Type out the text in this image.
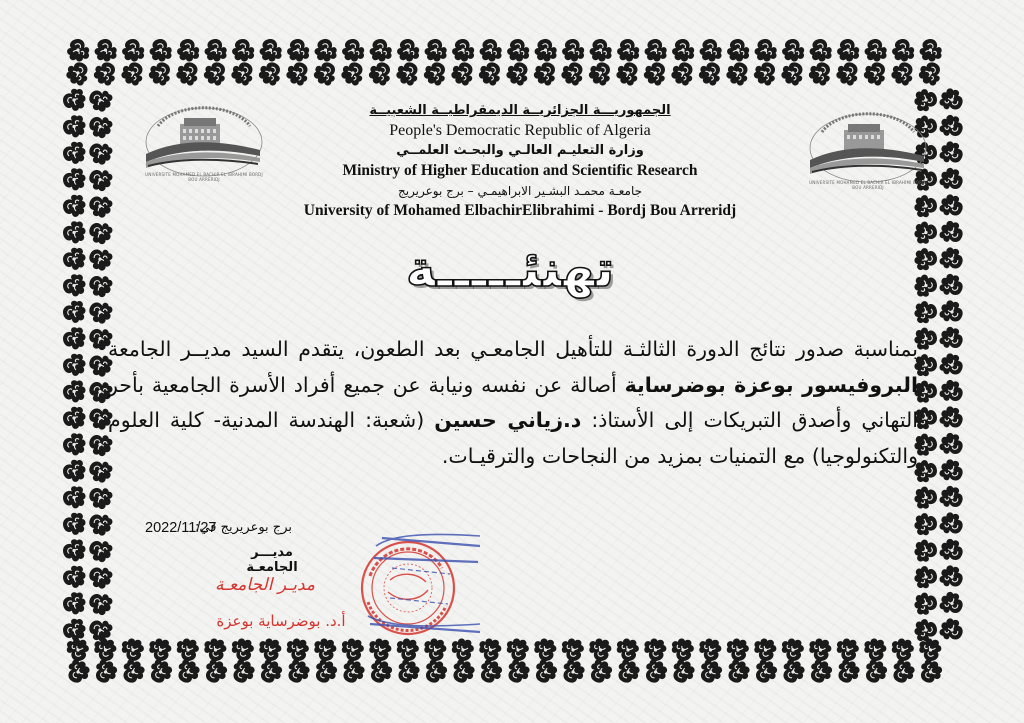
UNIVERSITE MOHAMED EL BACHIR EL IBRAHIMI BORDJ BOU ARRERIDJ
UNIVERSITE MOHAMED EL BACHIR EL IBRAHIMI BORDJ BOU ARRERIDJ
الجمهوريـــة الجزائريــة الديمقراطيــة الشعبيــة
People's Democratic Republic of Algeria
وزارة التعليـم العالـي والبحـث العلمــي
Ministry of Higher Education and Scientific Research
جامعـة محمـد البشـير الابراهيمـي – برج بوعريريج
University of Mohamed ElbachirElibrahimi - Bordj Bou Arreridj
تهنئـــــة
بمناسبة صدور نتائج الدورة الثالثـة للتأهيل الجامعـي بعد الطعون، يتقدم السيد مديــر الجامعة البروفيسور بوعزة بوضرساية أصالة عن نفسه ونيابة عن جميع أفراد الأسرة الجامعية بأحر التهاني وأصدق التبريكات إلى الأستاذ: د.زياني حسين (شعبة: الهندسة المدنية- كلية العلوم والتكنولوجيا) مع التمنيات بمزيد من النجاحات والترقيـات.
2022/11/27
برج بوعريريج في:
مديـــر الجامعـة
مديـر الجامعـة
أ.د. بوضرساية بوعزة
